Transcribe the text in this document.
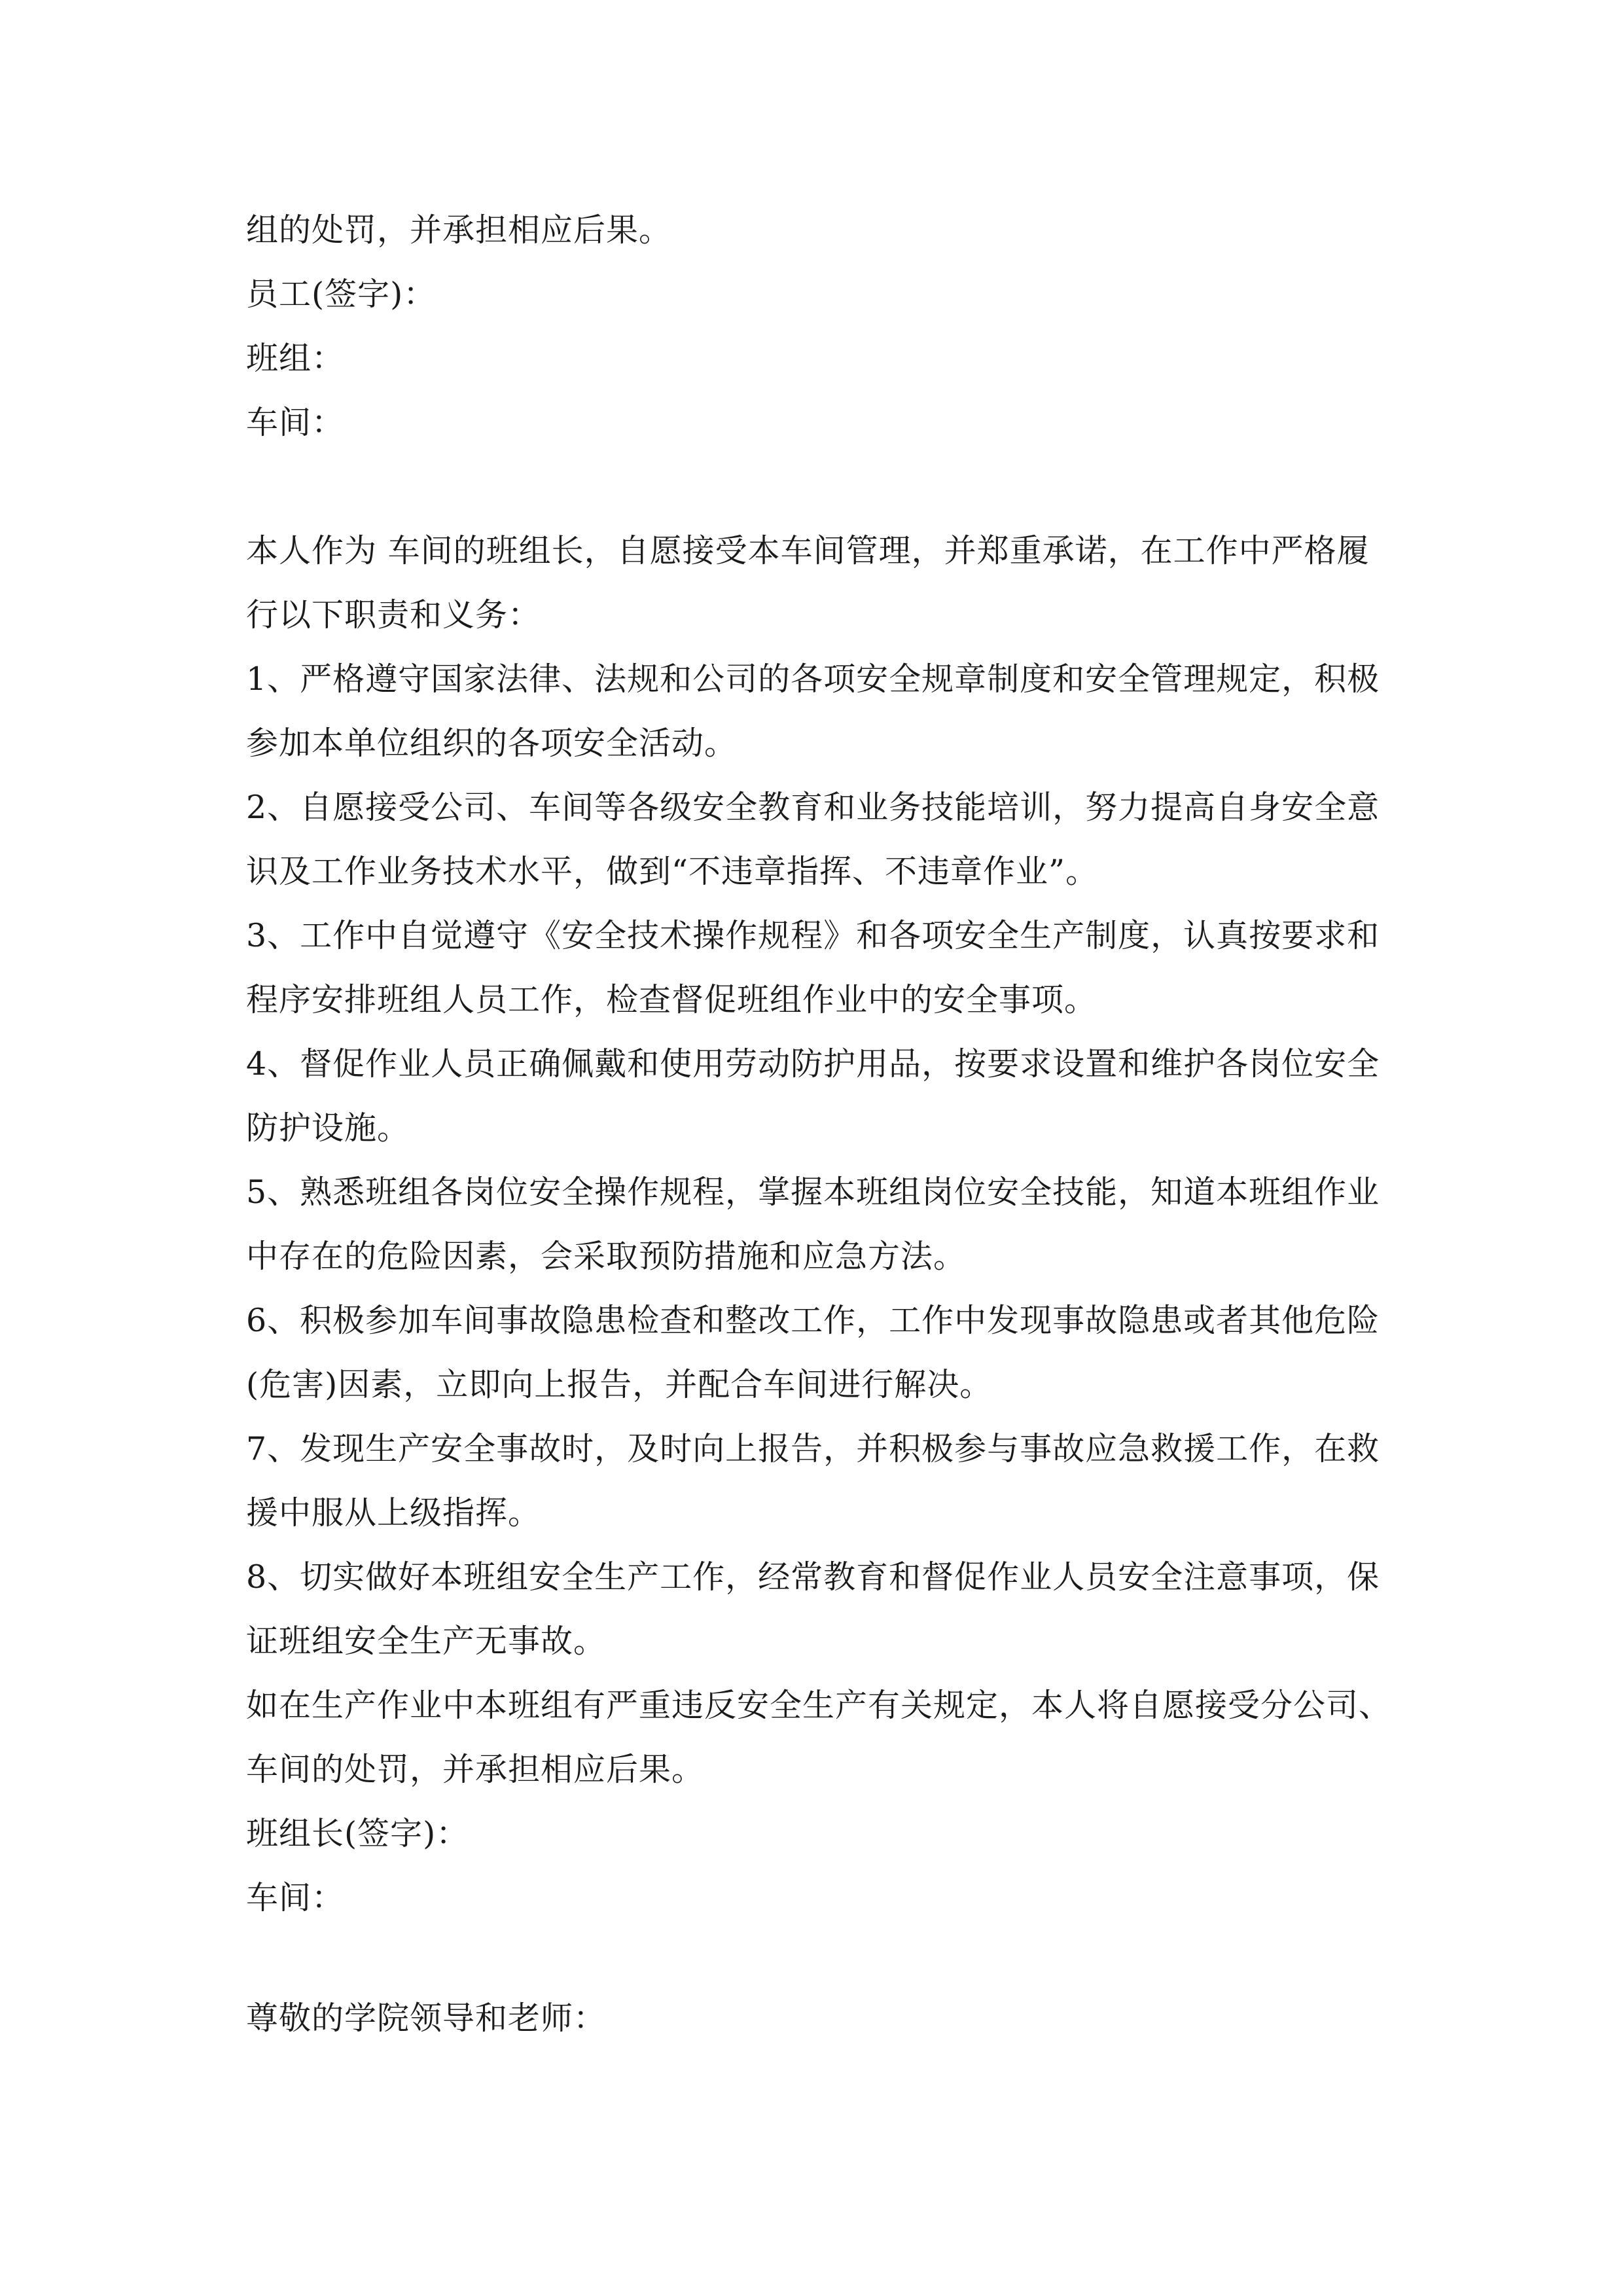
组的处罚，并承担相应后果。
员工(签字)：
班组：
车间：
本人作为 车间的班组长，自愿接受本车间管理，并郑重承诺，在工作中严格履
行以下职责和义务：
1、严格遵守国家法律、法规和公司的各项安全规章制度和安全管理规定，积极
参加本单位组织的各项安全活动。
2、自愿接受公司、车间等各级安全教育和业务技能培训，努力提高自身安全意
识及工作业务技术水平，做到“不违章指挥、不违章作业”。
3、工作中自觉遵守《安全技术操作规程》和各项安全生产制度，认真按要求和
程序安排班组人员工作，检查督促班组作业中的安全事项。
4、督促作业人员正确佩戴和使用劳动防护用品，按要求设置和维护各岗位安全
防护设施。
5、熟悉班组各岗位安全操作规程，掌握本班组岗位安全技能，知道本班组作业
中存在的危险因素，会采取预防措施和应急方法。
6、积极参加车间事故隐患检查和整改工作，工作中发现事故隐患或者其他危险
(危害)因素，立即向上报告，并配合车间进行解决。
7、发现生产安全事故时，及时向上报告，并积极参与事故应急救援工作，在救
援中服从上级指挥。
8、切实做好本班组安全生产工作，经常教育和督促作业人员安全注意事项，保
证班组安全生产无事故。
如在生产作业中本班组有严重违反安全生产有关规定，本人将自愿接受分公司、
车间的处罚，并承担相应后果。
班组长(签字)：
车间：
尊敬的学院领导和老师：
